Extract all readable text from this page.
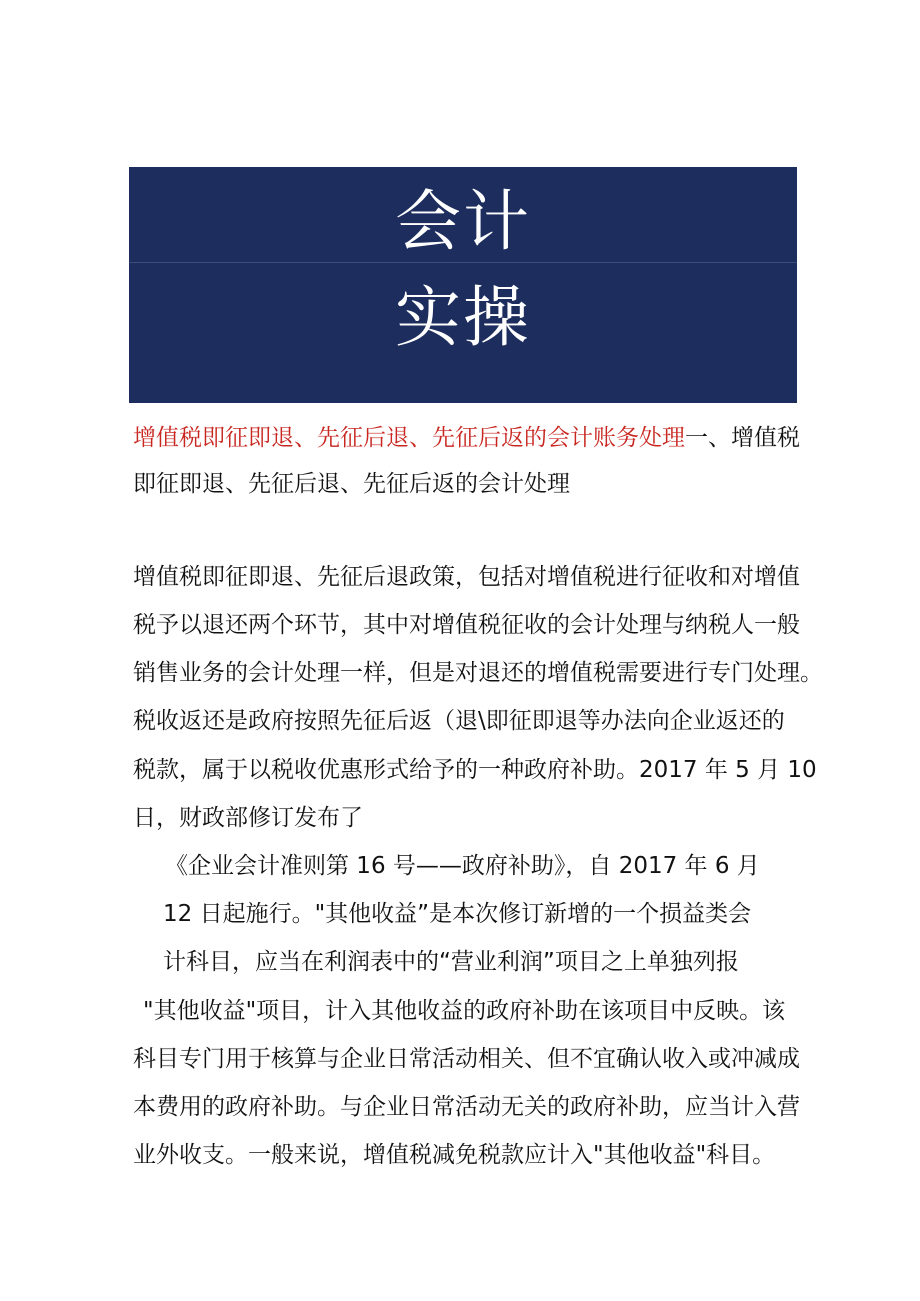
会计
实操
增值税即征即退、先征后退、先征后返的会计账务处理一、增值税即征即退、先征后退、先征后返的会计处理
增值税即征即退、先征后退政策，包括对增值税进行征收和对增值
税予以退还两个环节，其中对增值税征收的会计处理与纳税人一般
销售业务的会计处理一样，但是对退还的增值税需要进行专门处理。
税收返还是政府按照先征后返（退\即征即退等办法向企业返还的
税款，属于以税收优惠形式给予的一种政府补助。2017 年 5 月 10
日，财政部修订发布了
《企业会计准则第 16 号——政府补助》，自 2017 年 6 月
12 日起施行。"其他收益”是本次修订新增的一个损益类会
计科目，应当在利润表中的“营业利润”项目之上单独列报
"其他收益"项目，计入其他收益的政府补助在该项目中反映。该
科目专门用于核算与企业日常活动相关、但不宜确认收入或冲减成
本费用的政府补助。与企业日常活动无关的政府补助，应当计入营
业外收支。一般来说，增值税减免税款应计入"其他收益"科目。
